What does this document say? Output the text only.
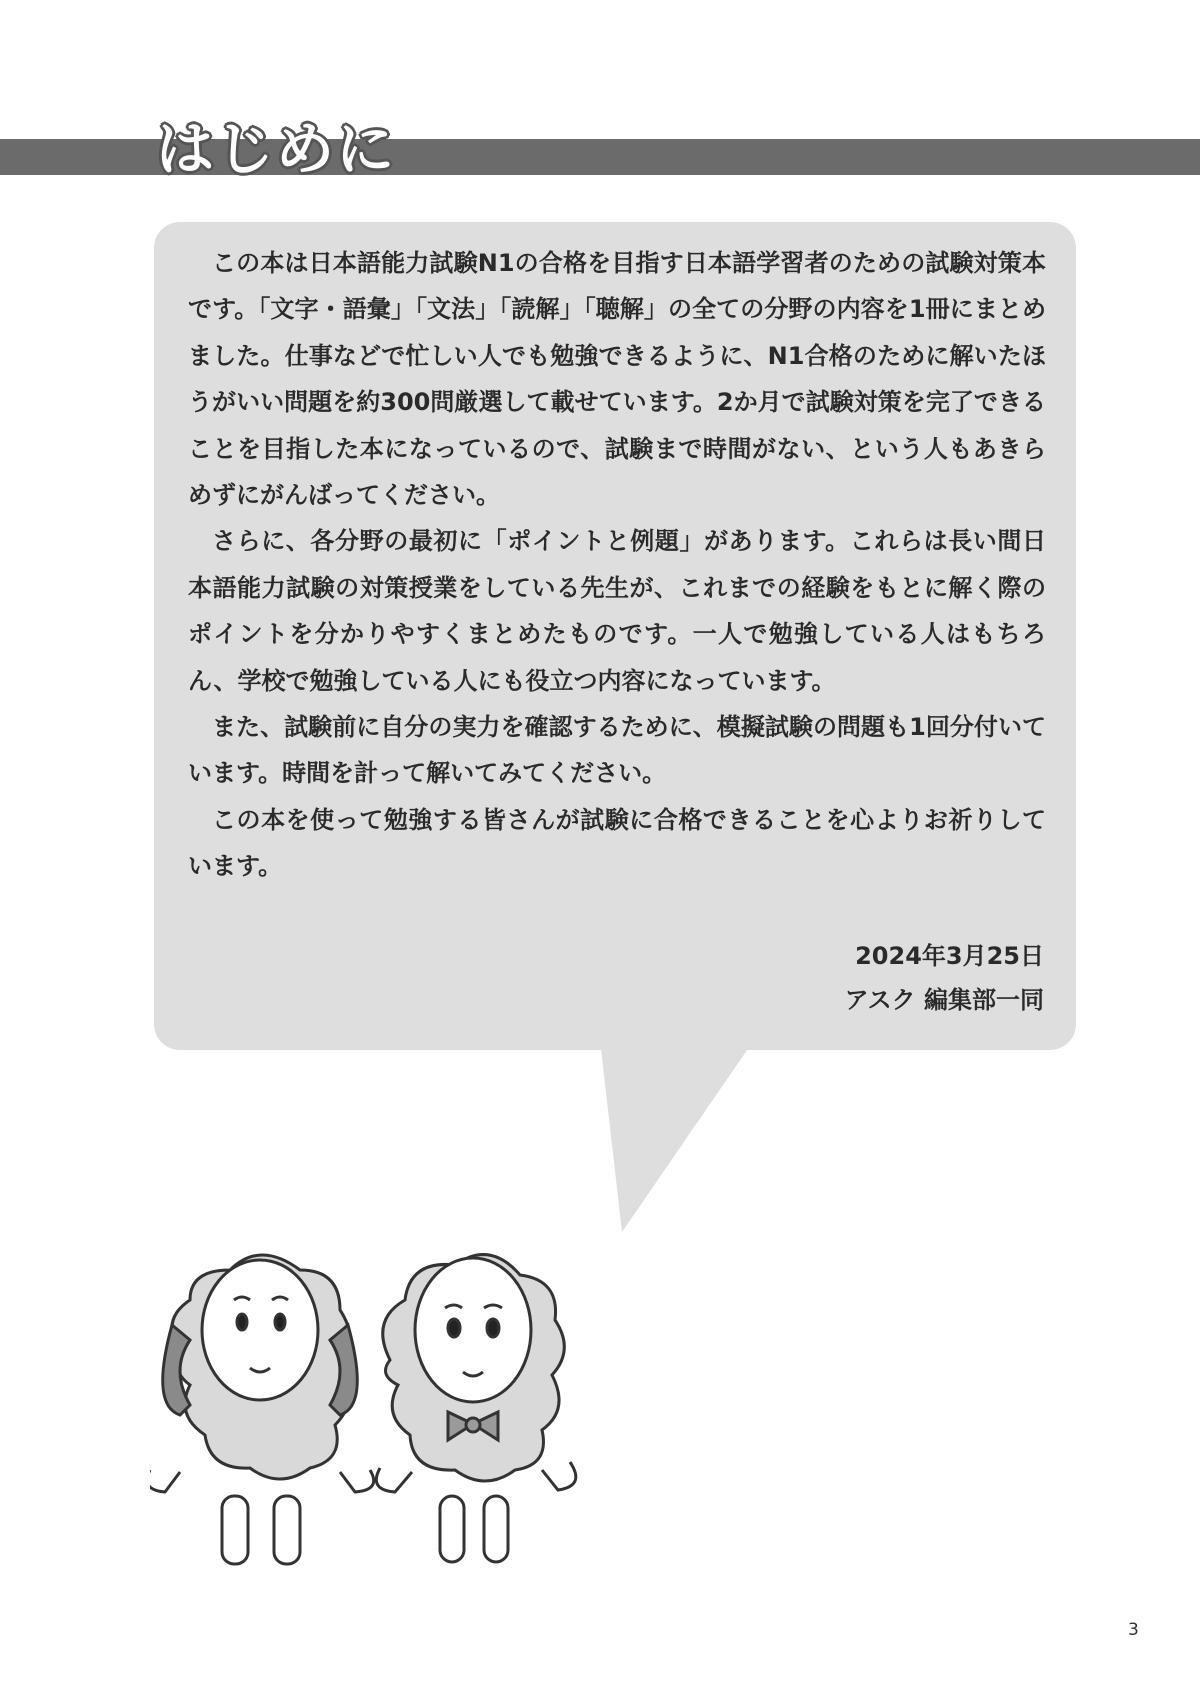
はじめに

この本は日本語能力試験N1の合格を目指す日本語学習者のための試験対策本です。「文字・語彙」「文法」「読解」「聴解」の全ての分野の内容を1冊にまとめました。仕事などで忙しい人でも勉強できるように、N1合格のために解いたほうがいい問題を約300問厳選して載せています。2か月で試験対策を完了できることを目指した本になっているので、試験まで時間がない、という人もあきらめずにがんばってください。

さらに、各分野の最初に「ポイントと例題」があります。これらは長い間日本語能力試験の対策授業をしている先生が、これまでの経験をもとに解く際のポイントを分かりやすくまとめたものです。一人で勉強している人はもちろん、学校で勉強している人にも役立つ内容になっています。

また、試験前に自分の実力を確認するために、模擬試験の問題も1回分付いています。時間を計って解いてみてください。

この本を使って勉強する皆さんが試験に合格できることを心よりお祈りしています。

2024年3月25日
アスク 編集部一同
3
